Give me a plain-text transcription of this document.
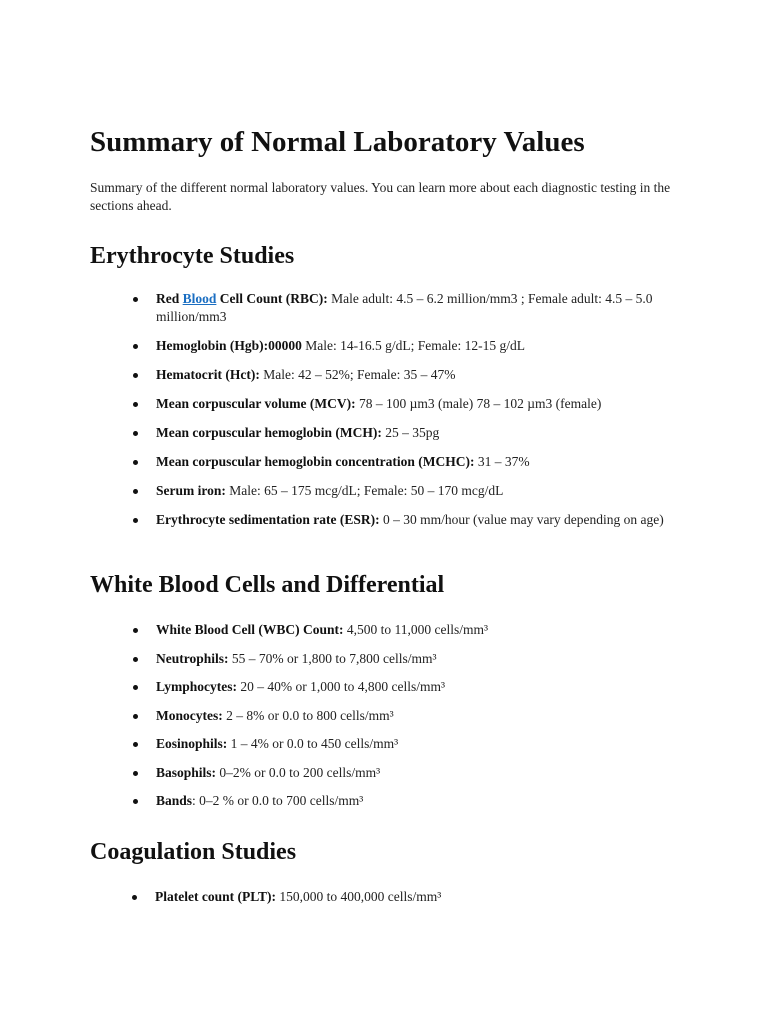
Summary of Normal Laboratory Values

Summary of the different normal laboratory values. You can learn more about each diagnostic testing in the sections ahead.

Erythrocyte Studies
Red Blood Cell Count (RBC): Male adult: 4.5 – 6.2 million/mm3 ; Female adult: 4.5 – 5.0 million/mm3
Hemoglobin (Hgb):00000 Male: 14-16.5 g/dL; Female: 12-15 g/dL
Hematocrit (Hct): Male: 42 – 52%; Female: 35 – 47%
Mean corpuscular volume (MCV): 78 – 100 µm3 (male) 78 – 102 µm3 (female)
Mean corpuscular hemoglobin (MCH): 25 – 35pg
Mean corpuscular hemoglobin concentration (MCHC): 31 – 37%
Serum iron: Male: 65 – 175 mcg/dL; Female: 50 – 170 mcg/dL
Erythrocyte sedimentation rate (ESR): 0 – 30 mm/hour (value may vary depending on age)
White Blood Cells and Differential
White Blood Cell (WBC) Count: 4,500 to 11,000 cells/mm³
Neutrophils: 55 – 70% or 1,800 to 7,800 cells/mm³
Lymphocytes: 20 – 40% or 1,000 to 4,800 cells/mm³
Monocytes: 2 – 8% or 0.0 to 800 cells/mm³
Eosinophils: 1 – 4% or 0.0 to 450 cells/mm³
Basophils: 0–2% or 0.0 to 200 cells/mm³
Bands: 0–2 % or 0.0 to 700 cells/mm³
Coagulation Studies
Platelet count (PLT): 150,000 to 400,000 cells/mm³
